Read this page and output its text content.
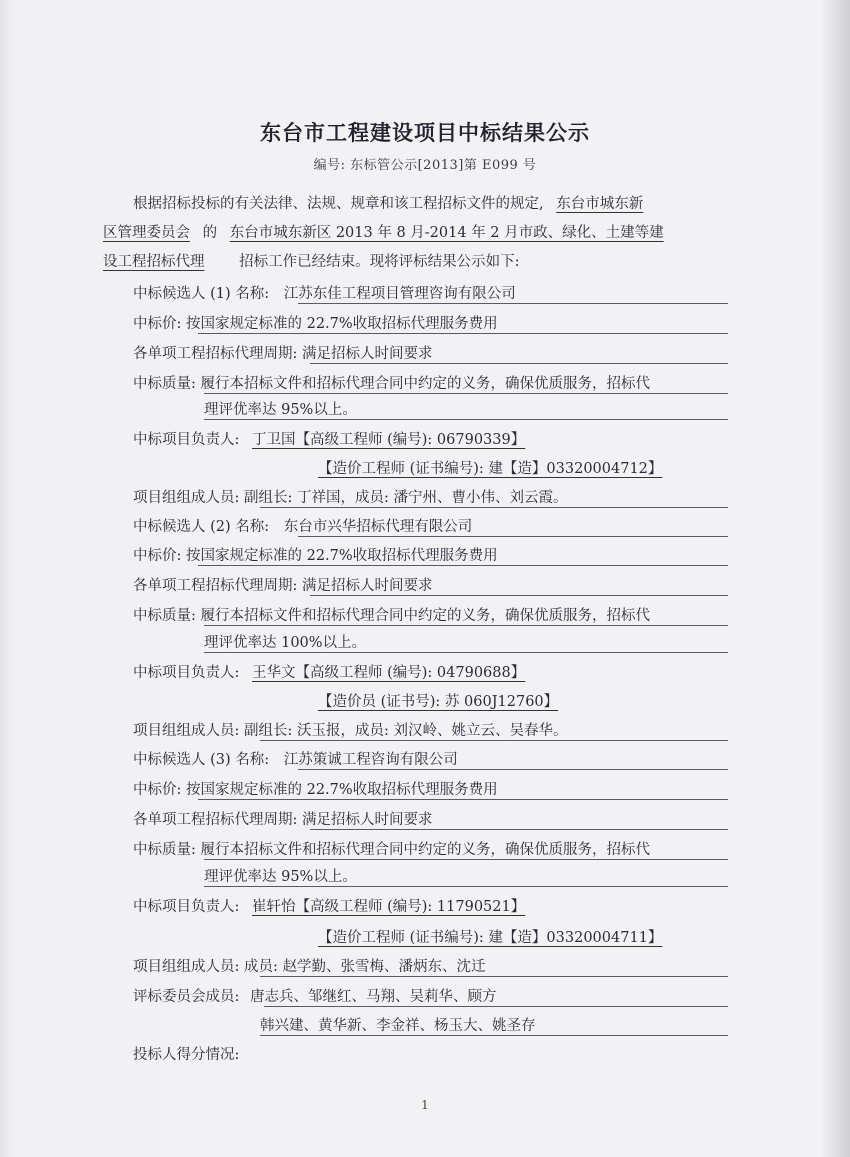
东台市工程建设项目中标结果公示
编号: 东标管公示[2013]第 E099 号
根据招标投标的有关法律、法规、规章和该工程招标文件的规定, 东台市城东新
区管理委员会 的 东台市城东新区 2013 年 8 月-2014 年 2 月市政、绿化、土建等建
设工程招标代理 招标工作已经结束。现将评标结果公示如下:
中标候选人 (1) 名称: 江苏东佳工程项目管理咨询有限公司
中标价: 按国家规定标准的 22.7%收取招标代理服务费用
各单项工程招标代理周期: 满足招标人时间要求
中标质量: 履行本招标文件和招标代理合同中约定的义务，确保优质服务，招标代
理评优率达 95%以上。
中标项目负责人: 丁卫国【高级工程师 (编号): 06790339】
【造价工程师 (证书编号): 建【造】03320004712】
项目组组成人员: 副组长: 丁祥国，成员: 潘宁州、曹小伟、刘云霞。
中标候选人 (2) 名称: 东台市兴华招标代理有限公司
中标价: 按国家规定标准的 22.7%收取招标代理服务费用
各单项工程招标代理周期: 满足招标人时间要求
中标质量: 履行本招标文件和招标代理合同中约定的义务，确保优质服务，招标代
理评优率达 100%以上。
中标项目负责人: 王华文【高级工程师 (编号): 04790688】
【造价员 (证书号): 苏 060J12760】
项目组组成人员: 副组长: 沃玉报，成员: 刘汉岭、姚立云、吴春华。
中标候选人 (3) 名称: 江苏策诚工程咨询有限公司
中标价: 按国家规定标准的 22.7%收取招标代理服务费用
各单项工程招标代理周期: 满足招标人时间要求
中标质量: 履行本招标文件和招标代理合同中约定的义务，确保优质服务，招标代
理评优率达 95%以上。
中标项目负责人: 崔轩怡【高级工程师 (编号): 11790521】
【造价工程师 (证书编号): 建【造】03320004711】
项目组组成人员: 成员: 赵学勤、张雪梅、潘炳东、沈迁
评标委员会成员: 唐志兵、邹继红、马翔、吴莉华、顾方
韩兴建、黄华新、李金祥、杨玉大、姚圣存
投标人得分情况:
1
